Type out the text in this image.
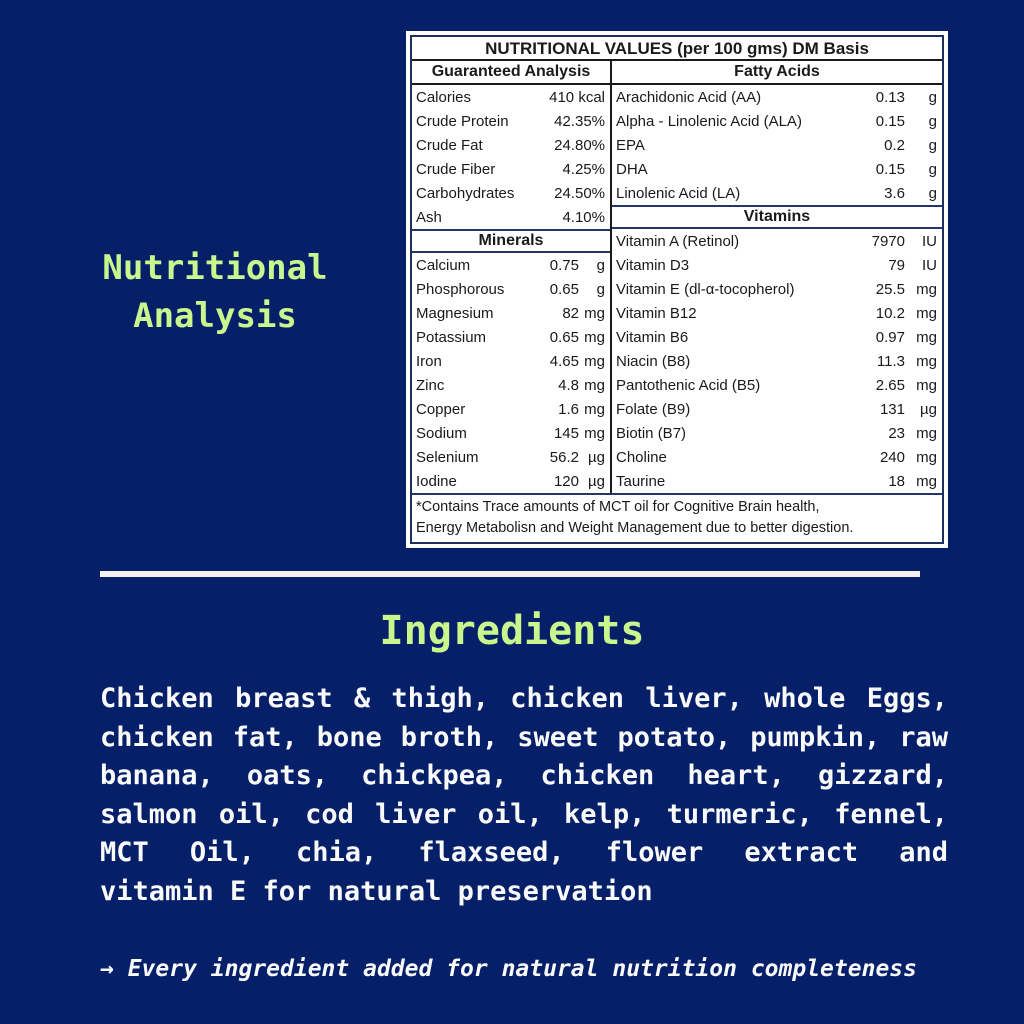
Nutritional
Analysis
NUTRITIONAL VALUES (per 100 gms) DM Basis
Guaranteed Analysis
Calories	410 kcal
Crude Protein	42.35%
Crude Fat	24.80%
Crude Fiber	4.25%
Carbohydrates	24.50%
Ash	4.10%
Minerals
Calcium	0.75	g
Phosphorous	0.65	g
Magnesium	82 mg
Potassium	0.65 mg
Iron	4.65 mg
Zinc	4.8 mg
Copper	1.6 mg
Sodium	145 mg
Selenium	56.2 µg
Iodine	120 µg
Fatty Acids
Arachidonic Acid (AA)	0.13	g
Alpha - Linolenic Acid (ALA)	0.15	g
EPA	0.2	g
DHA	0.15	g
Linolenic Acid (LA)	3.6	g
Vitamins
Vitamin A (Retinol)	7970	IU
Vitamin D3	79	IU
Vitamin E (dl-α-tocopherol)	25.5 mg
Vitamin B12	10.2 mg
Vitamin B6	0.97 mg
Niacin (B8)	11.3 mg
Pantothenic Acid (B5)	2.65 mg
Folate (B9)	131	µg
Biotin (B7)	23 mg
Choline	240 mg
Taurine	18 mg
*Contains Trace amounts of MCT oil for Cognitive Brain health,
Energy Metabolisn and Weight Management due to better digestion.
Ingredients
Chicken breast & thigh, chicken liver, whole Eggs,
chicken fat, bone broth, sweet potato, pumpkin, raw
banana, oats, chickpea, chicken heart, gizzard,
salmon oil, cod liver oil, kelp, turmeric, fennel,
MCT Oil, chia, flaxseed, flower extract and
vitamin E for natural preservation
→ Every ingredient added for natural nutrition completeness
